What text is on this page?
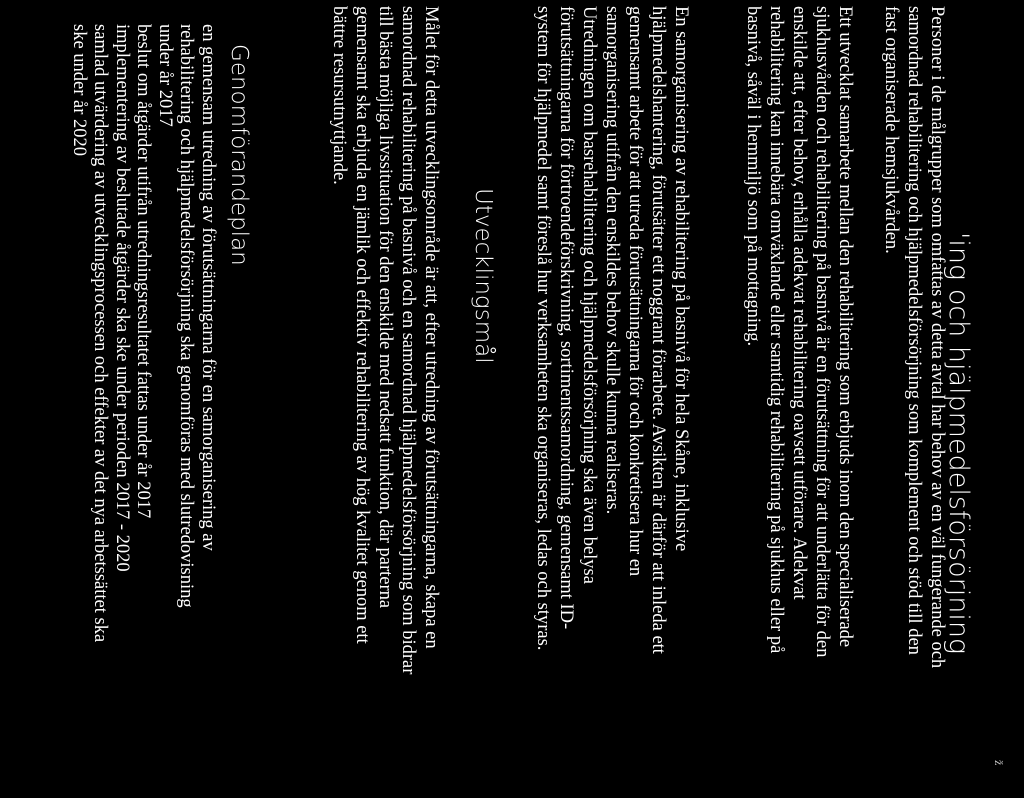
ž
'ing och hjälpmedelsförsörjning
Personer i de målgrupper som omfattas av detta avtal har behov av en väl fungerande och
samordnad rehabilitering och hjälpmedelsförsörjning som komplement och stöd till den
fast organiserade hemsjukvården.
Ett utvecklat samarbete mellan den rehabilitering som erbjuds inom den specialiserade
sjukhusvården och rehabilitering på basnivå är en förutsättning för att underlätta för den
enskilde att, efter behov, erhålla adekvat rehabilitering oavsett utförare. Adekvat
rehabilitering kan innebära omväxlande eller samtidig rehabilitering på sjukhus eller på
basnivå, såväl i hemmiljö som på mottagning.
En samorganisering av rehabilitering på basnivå för hela Skåne, inklusive
hjälpmedelshantering, förutsätter ett noggrant förarbete. Avsikten är därför att inleda ett
gemensamt arbete för att utreda förutsättningarna för och konkretisera hur en
samorganisering utifrån den enskildes behov skulle kunna realiseras.
Utredningen om basrehabilitering och hjälpmedelsförsörjning ska även belysa
förutsättningarna för förtroendeförskrivning, sortimentssamordning, gemensamt ID-
system för hjälpmedel samt föreslå hur verksamheten ska organiseras, ledas och styras.
Utvecklingsmål
Målet för detta utvecklingsområde är att, efter utredning av förutsättningarna, skapa en
samordnad rehabilitering på basnivå och en samordnad hjälpmedelsförsörjning som bidrar
till bästa möjliga livssituation för den enskilde med nedsatt funktion, där parterna
gemensamt ska erbjuda en jämlik och effektiv rehabilitering av hög kvalitet genom ett
bättre resursutnyttjande.
Genomförandeplan
en gemensam utredning av förutsättningarna för en samorganisering av
rehabilitering och hjälpmedelsförsörjning ska genomföras med slutredovisning
under år 2017
beslut om åtgärder utifrån utredningsresultatet fattas under år 2017
implementering av beslutade åtgärder ska ske under perioden 2017 - 2020
samlad utvärdering av utvecklingsprocessen och effekter av det nya arbetssättet ska
ske under år 2020
